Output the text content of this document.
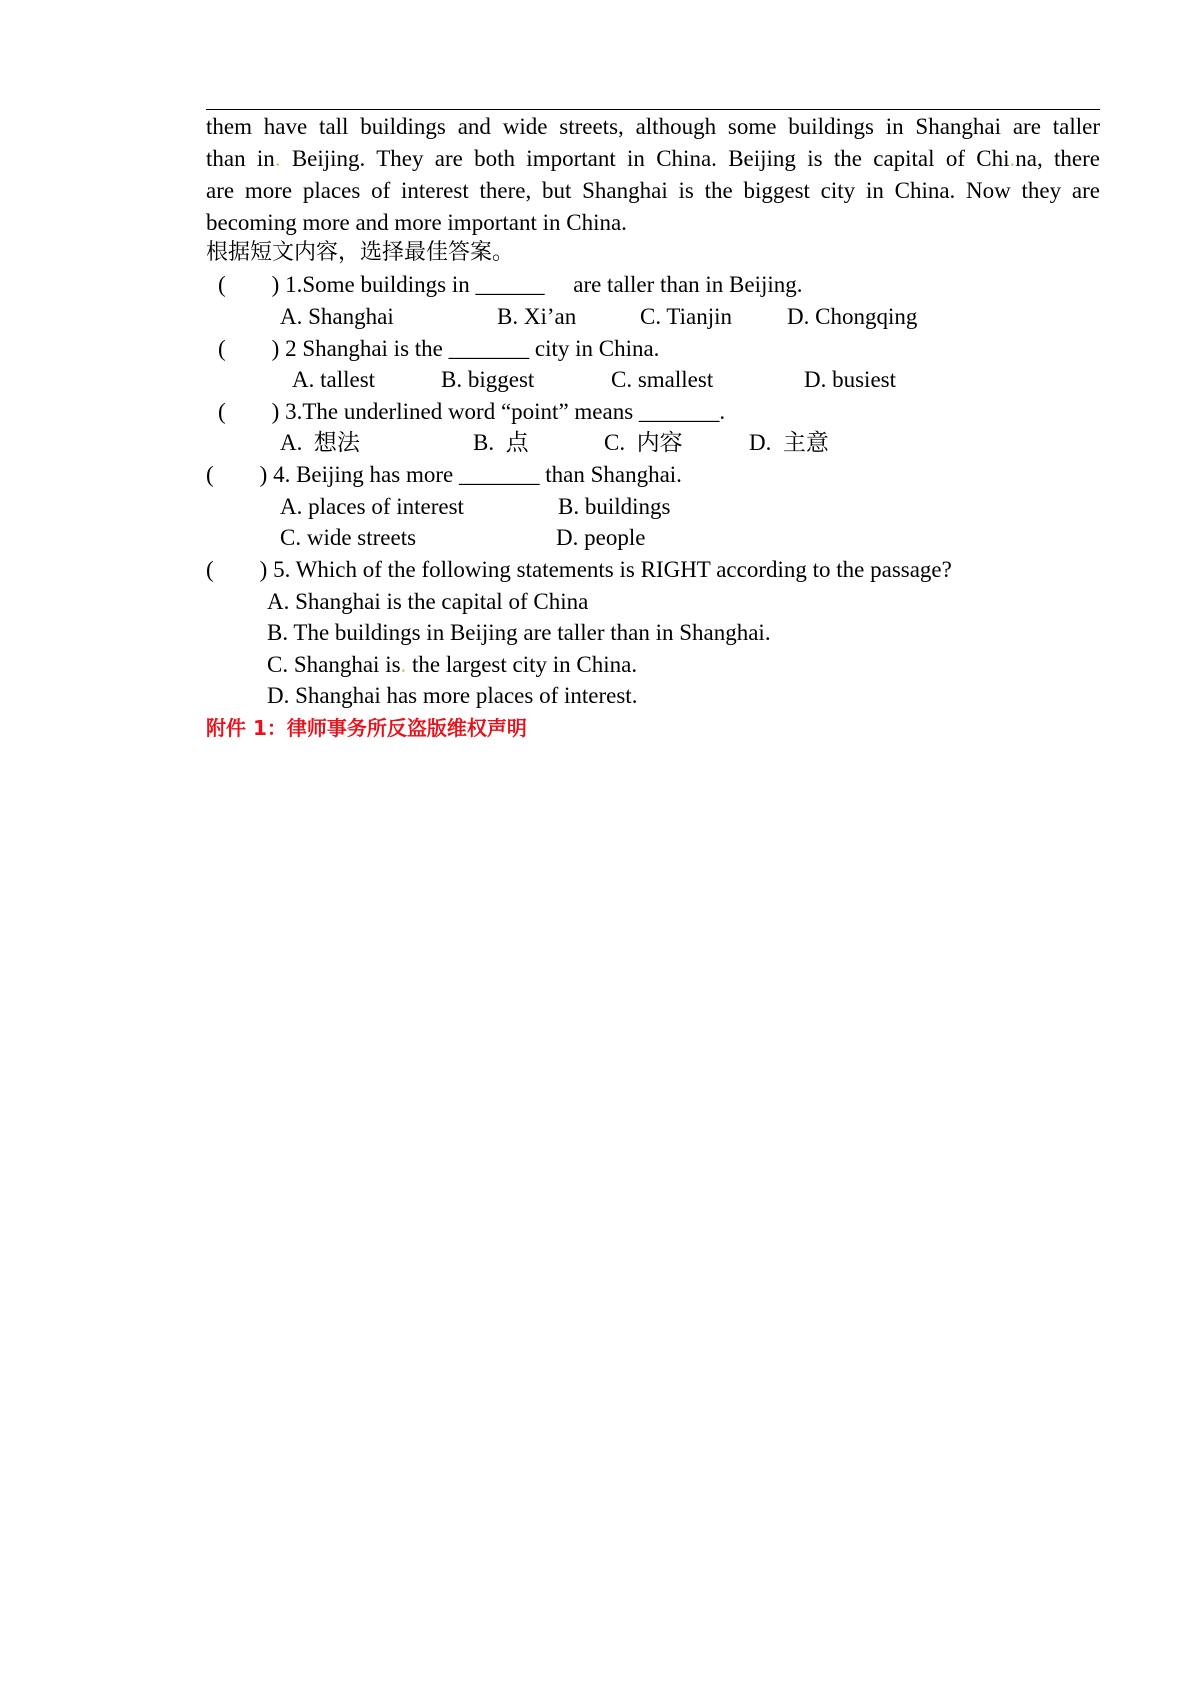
them have tall buildings and wide streets, although some buildings in Shanghai are taller
than in. Beijing. They are both important in China. Beijing is the capital of Chi.na, there
are more places of interest there, but Shanghai is the biggest city in China. Now they are
becoming more and more important in China.

根据短文内容，选择最佳答案。

(        ) 1.Some buildings in ______     are taller than in Beijing.

A. Shanghai	B. Xi’an	C. Tianjin D. Chongqing

(        ) 2 Shanghai is the _______ city in China.

A. tallest	B. biggest	C. smallest	D. busiest

(        ) 3.The underlined word “point” means _______.

A.  想法	B.  点	C.  内容	D.  主意

(        ) 4. Beijing has more _______ than Shanghai.

A. places of interest	B. buildings

C. wide streets	D. people

(        ) 5. Which of the following statements is RIGHT according to the passage?

A. Shanghai is the capital of China

B. The buildings in Beijing are taller than in Shanghai.

C. Shanghai is. the largest city in China.

D. Shanghai has more places of interest.

附件 1：律师事务所反盗版维权声明
